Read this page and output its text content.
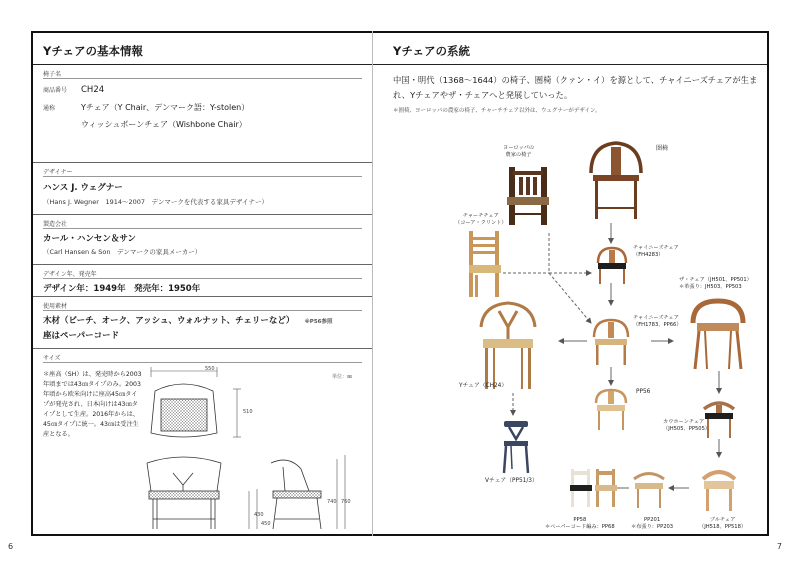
Yチェアの基本情報
椅子名
商品番号 CH24
通称	Yチェア（Y Chair、デンマーク語：Y-stolen）
ウィッシュボーンチェア（Wishbone Chair）
デザイナー
ハンス J. ウェグナー
（Hans J. Wegner　1914～2007　デンマークを代表する家具デザイナー）
製造会社
カール・ハンセン＆サン
（Carl Hansen & Son　デンマークの家具メーカー）
デザイン年、発売年
デザイン年：1949年　発売年：1950年
使用素材
木材（ビーチ、オーク、アッシュ、ウォルナット、チェリーなど） ※P56参照
座はペーパーコード
サイズ
＊座高（SH）は、発売時から2003年頃までは43㎝タイプのみ。2003年頃から欧米向けに座高45㎝タイプが発売され、日本向けは43㎝タイプとして生産。2016年からは、45㎝タイプに統一。43㎝は受注生産となる。
単位：㎜
550
510
430
450
740 760
Yチェアの系統
中国・明代（1368～1644）の椅子、圏椅（クァン・イ）を源として、チャイニーズチェアが生まれ、Yチェアやザ・チェアへと発展していった。
＊圏椅、ヨーロッパの農家の椅子、チャーチチェア以外は、ウェグナーがデザイン。
ヨーロッパの
農家の椅子
圏椅
チャーチチェア
（コーア・クリント）
チャイニーズチェア
（FH4283）
ザ・チェア（JH501、PP501）
＊革張り：JH503、PP503
チャイニーズチェア
（FH1783、PP66）
Yチェア（CH24）
PP56
カウホーンチェア
（JH505、PP505）
Vチェア（PP51/3）
ブルチェア
（JH518、PP518）
PP201
＊布張り：PP203
PP58
＊ペーパーコード編み：PP68
6	7
